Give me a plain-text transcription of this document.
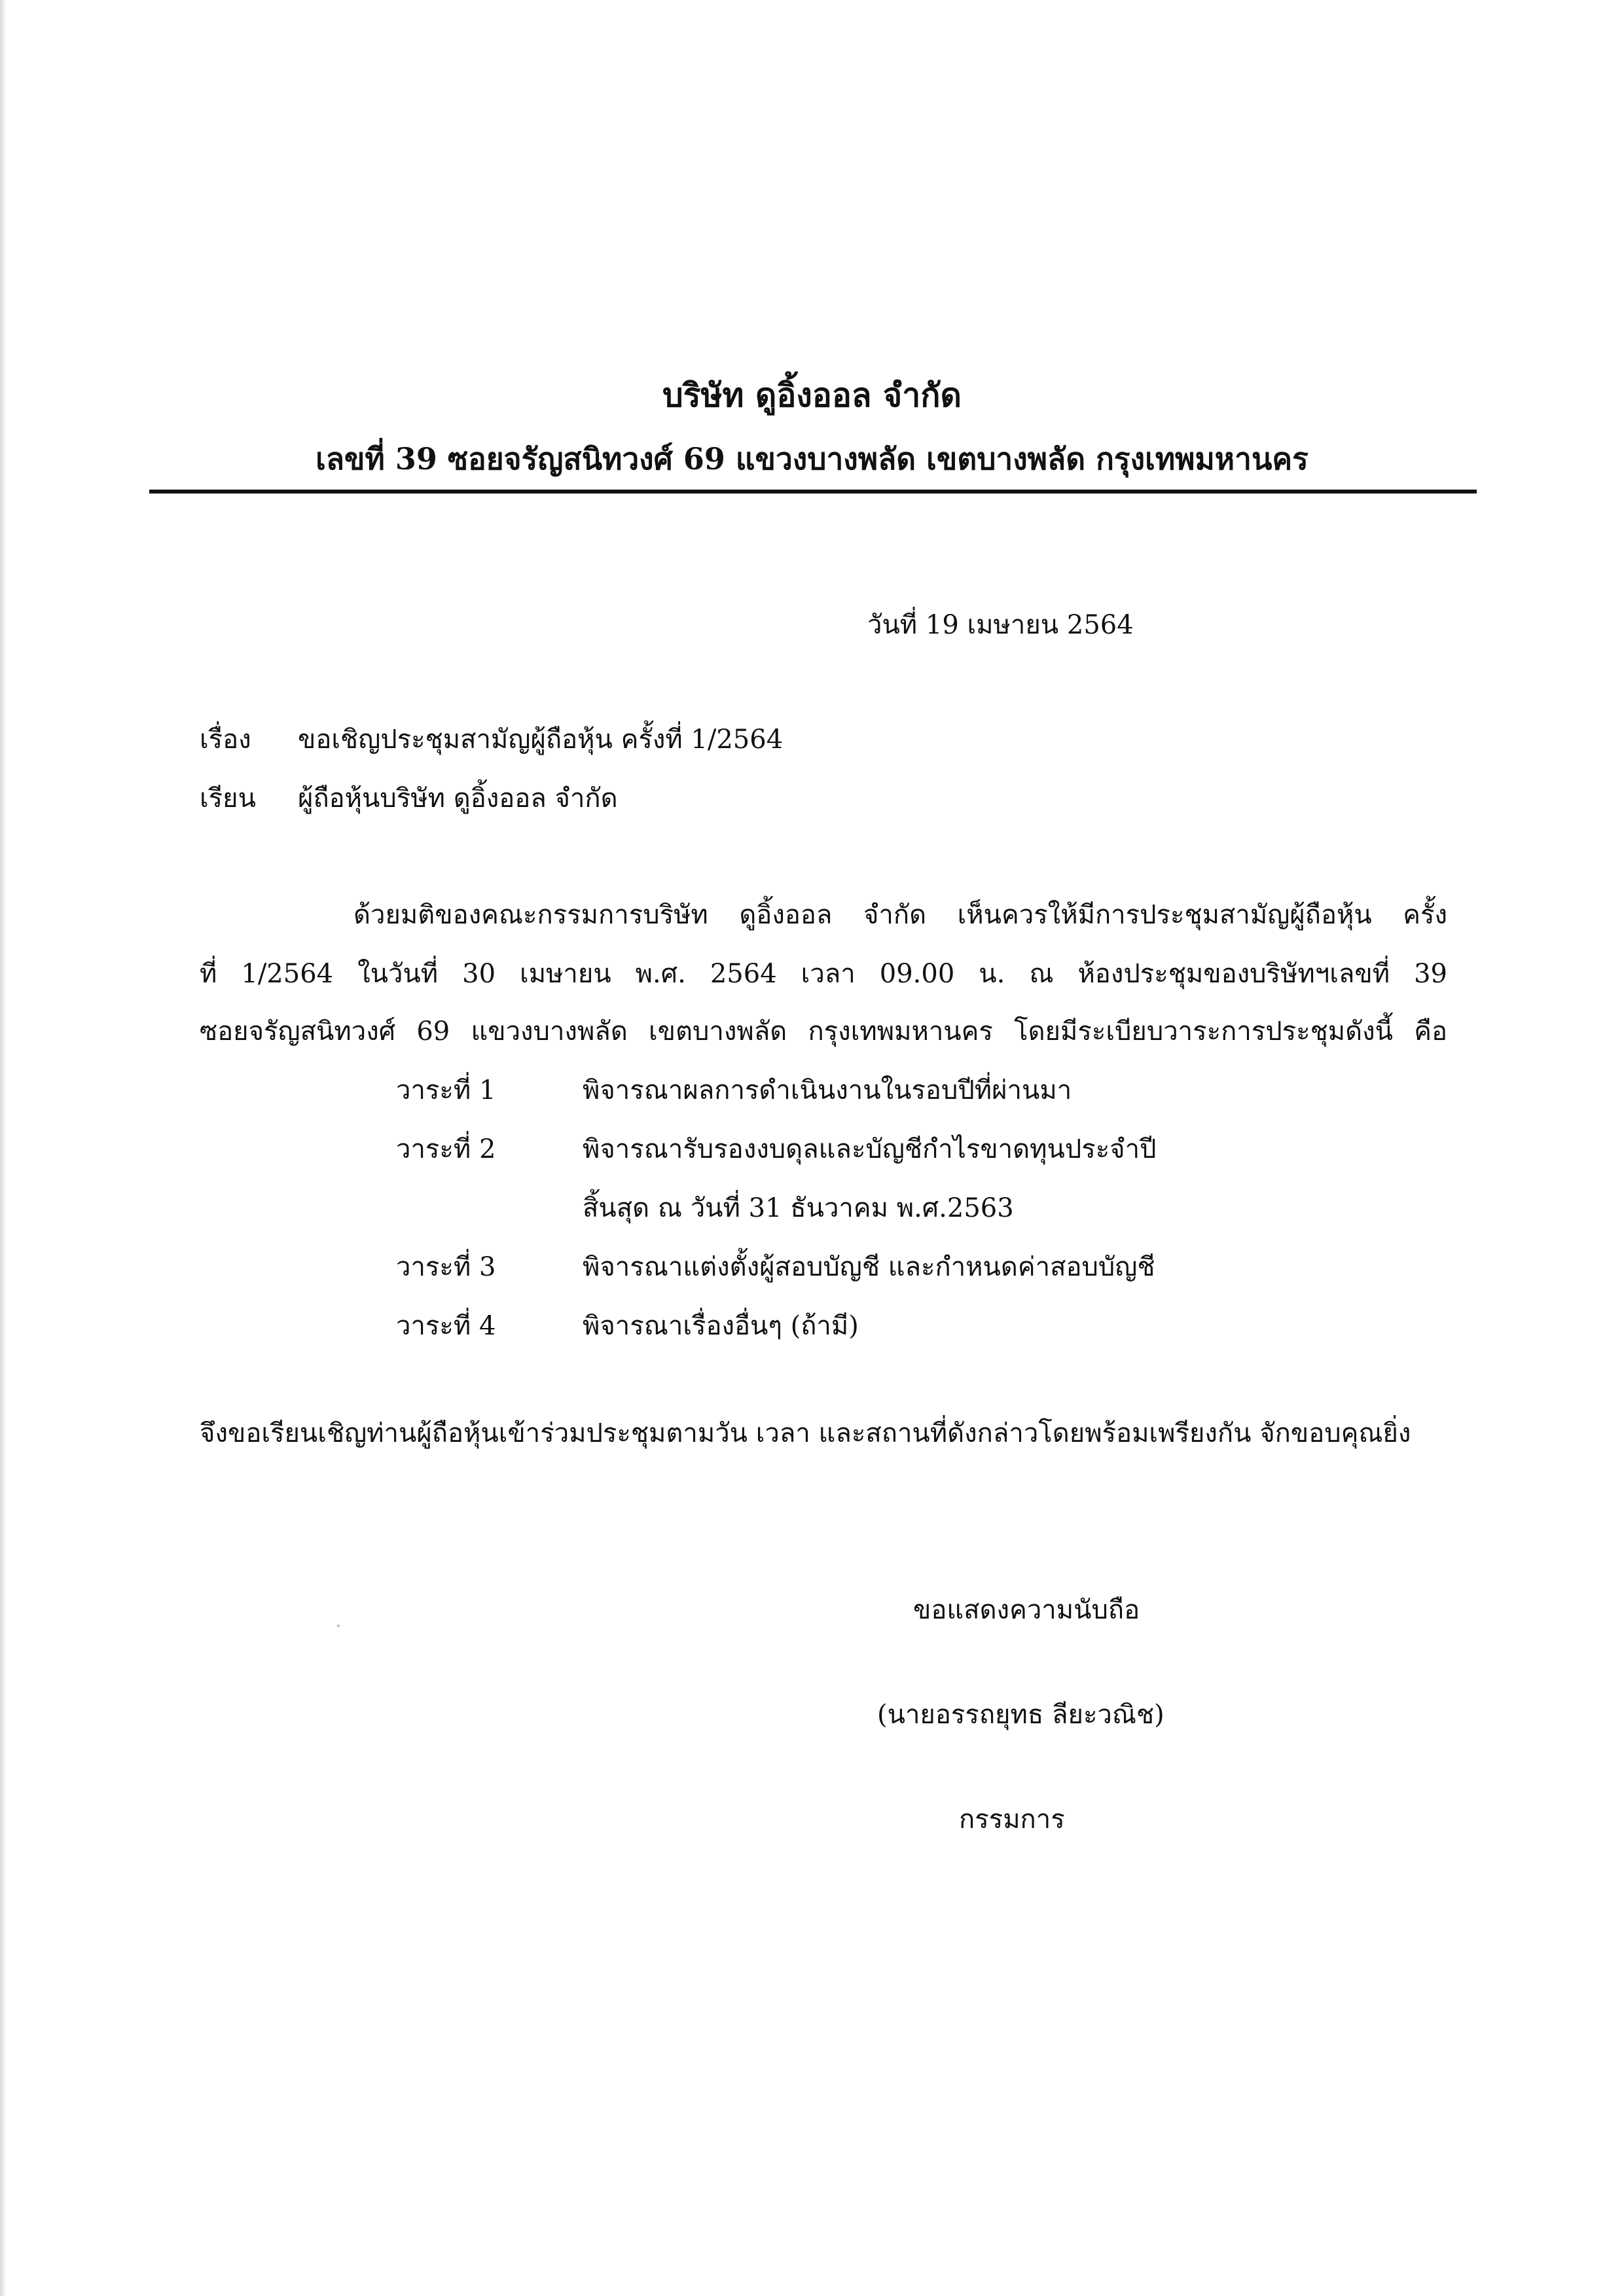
บริษัท ดูอิ้งออล จำกัด
เลขที่ 39 ซอยจรัญสนิทวงศ์ 69 แขวงบางพลัด เขตบางพลัด กรุงเทพมหานคร
วันที่ 19 เมษายน 2564
เรื่อง ขอเชิญประชุมสามัญผู้ถือหุ้น ครั้งที่ 1/2564
เรียน ผู้ถือหุ้นบริษัท ดูอิ้งออล จำกัด
ด้วยมติของคณะกรรมการบริษัท ดูอิ้งออล จำกัด เห็นควรให้มีการประชุมสามัญผู้ถือหุ้น ครั้ง
ที่ 1/2564 ในวันที่ 30 เมษายน พ.ศ. 2564 เวลา 09.00 น. ณ ห้องประชุมของบริษัทฯเลขที่ 39
ซอยจรัญสนิทวงศ์ 69 แขวงบางพลัด เขตบางพลัด กรุงเทพมหานคร โดยมีระเบียบวาระการประชุมดังนี้ คือ
วาระที่ 1	พิจารณาผลการดำเนินงานในรอบปีที่ผ่านมา
วาระที่ 2	พิจารณารับรองงบดุลและบัญชีกำไรขาดทุนประจำปี
สิ้นสุด ณ วันที่ 31 ธันวาคม พ.ศ.2563
วาระที่ 3	พิจารณาแต่งตั้งผู้สอบบัญชี และกำหนดค่าสอบบัญชี
วาระที่ 4	พิจารณาเรื่องอื่นๆ (ถ้ามี)
จึงขอเรียนเชิญท่านผู้ถือหุ้นเข้าร่วมประชุมตามวัน เวลา และสถานที่ดังกล่าวโดยพร้อมเพรียงกัน จักขอบคุณยิ่ง
ขอแสดงความนับถือ
(นายอรรถยุทธ ลียะวณิช)
กรรมการ
